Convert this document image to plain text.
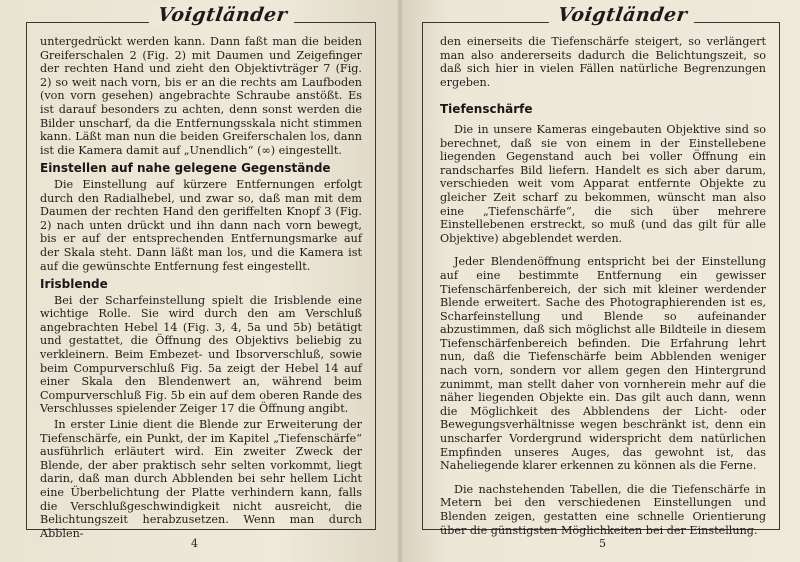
Voigtländer

untergedrückt werden kann. Dann faßt man die beiden Greiferschalen 2 (Fig. 2) mit Daumen und Zeigefinger der rechten Hand und zieht den Objektivträger 7 (Fig. 2) so weit nach vorn, bis er an die rechts am Laufboden (von vorn gesehen) angebrachte Schraube anstößt. Es ist darauf besonders zu achten, denn sonst werden die Bilder unscharf, da die Entfernungsskala nicht stimmen kann. Läßt man nun die beiden Greiferschalen los, dann ist die Kamera damit auf „Unendlich“ (∞) eingestellt.

Einstellen auf nahe gelegene Gegenstände

Die Einstellung auf kürzere Entfernungen erfolgt durch den Radialhebel, und zwar so, daß man mit dem Daumen der rechten Hand den geriffelten Knopf 3 (Fig. 2) nach unten drückt und ihn dann nach vorn bewegt, bis er auf der entsprechenden Entfernungsmarke auf der Skala steht. Dann läßt man los, und die Kamera ist auf die gewünschte Entfernung fest eingestellt.

Irisblende

Bei der Scharfeinstellung spielt die Irisblende eine wichtige Rolle. Sie wird durch den am Verschluß angebrachten Hebel 14 (Fig. 3, 4, 5a und 5b) betätigt und gestattet, die Öffnung des Objektivs beliebig zu verkleinern. Beim Embezet- und Ibsorverschluß, sowie beim Compurverschluß Fig. 5a zeigt der Hebel 14 auf einer Skala den Blendenwert an, während beim Compurverschluß Fig. 5b ein auf dem oberen Rande des Verschlusses spielender Zeiger 17 die Öffnung angibt.

In erster Linie dient die Blende zur Erweiterung der Tiefenschärfe, ein Punkt, der im Kapitel „Tiefenschärfe“ ausführlich erläutert wird. Ein zweiter Zweck der Blende, der aber praktisch sehr selten vorkommt, liegt darin, daß man durch Abblenden bei sehr hellem Licht eine Überbelichtung der Platte verhindern kann, falls die Verschlußgeschwindigkeit nicht ausreicht, die Belichtungszeit herabzusetzen. Wenn man durch Abblen-

4
Voigtländer

den einerseits die Tiefenschärfe steigert, so verlängert man also andererseits dadurch die Belichtungszeit, so daß sich hier in vielen Fällen natürliche Begrenzungen ergeben.

Tiefenschärfe

Die in unsere Kameras eingebauten Objektive sind so berechnet, daß sie von einem in der Einstellebene liegenden Gegenstand auch bei voller Öffnung ein randscharfes Bild liefern. Handelt es sich aber darum, verschieden weit vom Apparat entfernte Objekte zu gleicher Zeit scharf zu bekommen, wünscht man also eine „Tiefenschärfe“, die sich über mehrere Einstellebenen erstreckt, so muß (und das gilt für alle Objektive) abgeblendet werden.

Jeder Blendenöffnung entspricht bei der Einstellung auf eine bestimmte Entfernung ein gewisser Tiefenschärfenbereich, der sich mit kleiner werdender Blende erweitert. Sache des Photographierenden ist es, Scharfeinstellung und Blende so aufeinander abzustimmen, daß sich möglichst alle Bildteile in diesem Tiefenschärfenbereich befinden. Die Erfahrung lehrt nun, daß die Tiefenschärfe beim Abblenden weniger nach vorn, sondern vor allem gegen den Hintergrund zunimmt, man stellt daher von vornherein mehr auf die näher liegenden Objekte ein. Das gilt auch dann, wenn die Möglichkeit des Abblendens der Licht- oder Bewegungsverhältnisse wegen beschränkt ist, denn ein unscharfer Vordergrund widerspricht dem natürlichen Empfinden unseres Auges, das gewohnt ist, das Naheliegende klarer erkennen zu können als die Ferne.

Die nachstehenden Tabellen, die die Tiefenschärfe in Metern bei den verschiedenen Einstellungen und Blenden zeigen, gestatten eine schnelle Orientierung über die günstigsten Möglichkeiten bei der Einstellung.

5
